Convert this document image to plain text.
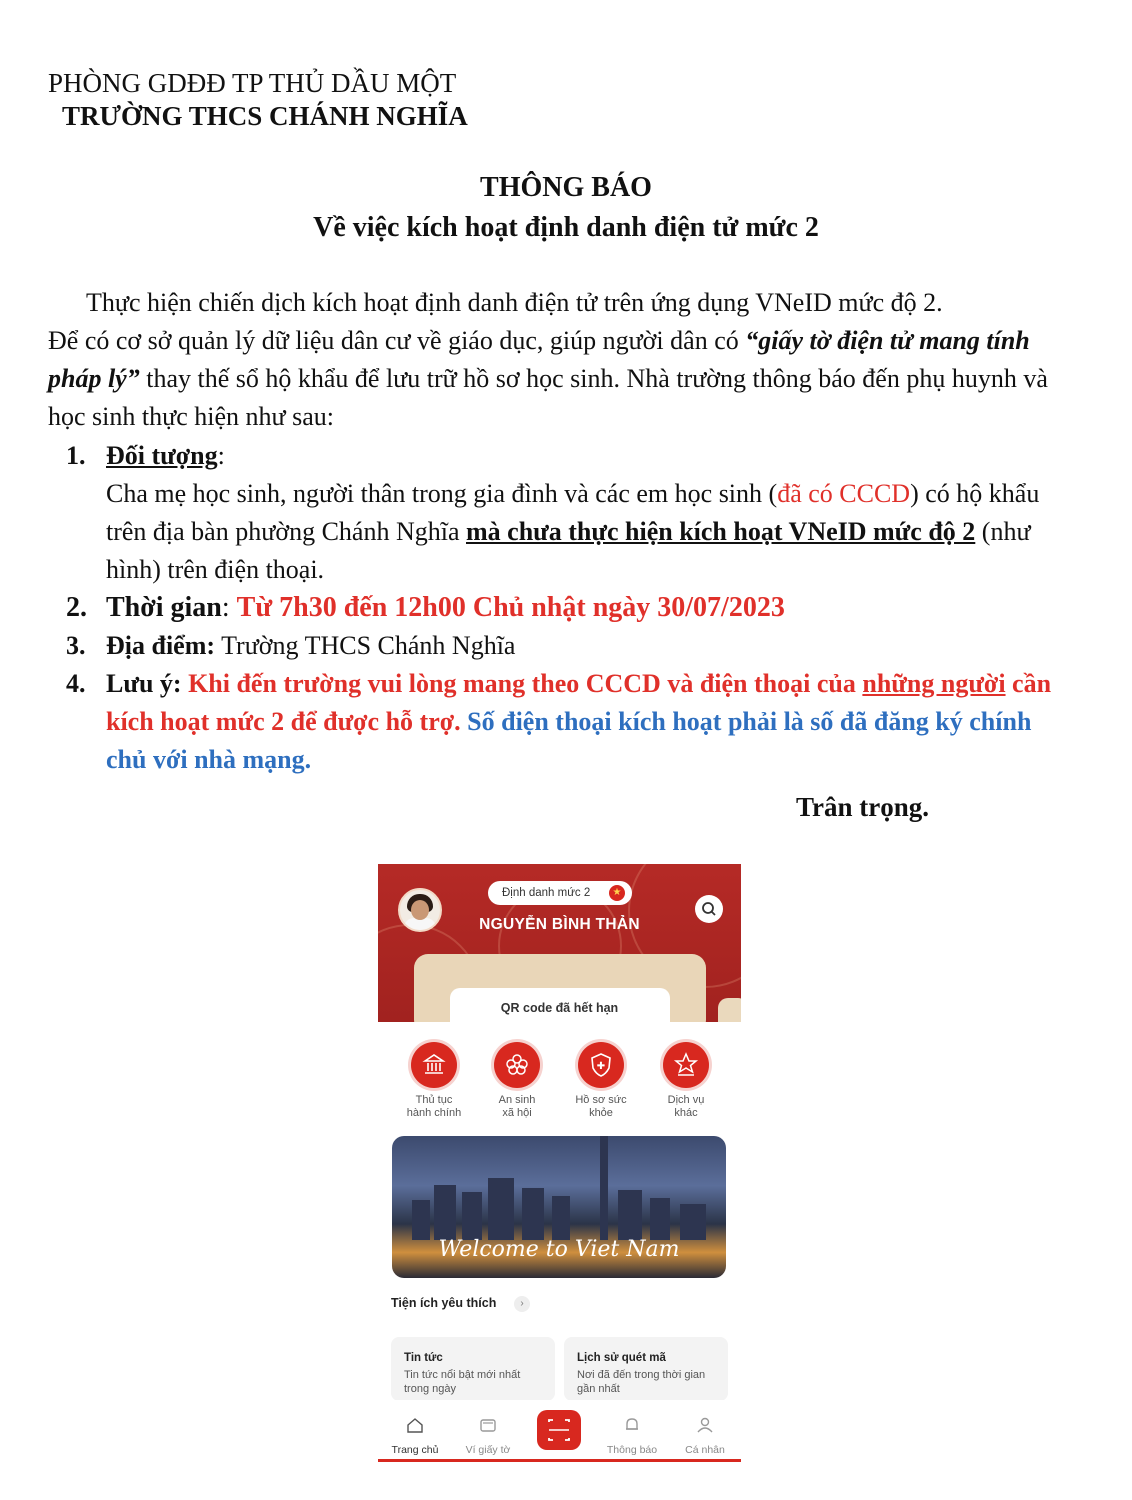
PHÒNG GDĐĐ TP THỦ DẦU MỘT
TRƯỜNG THCS CHÁNH NGHĨA
THÔNG BÁO
Về việc kích hoạt định danh điện tử mức 2

Thực hiện chiến dịch kích hoạt định danh điện tử trên ứng dụng VNeID mức độ 2.

Để có cơ sở quản lý dữ liệu dân cư về giáo dục, giúp người dân có “giấy tờ điện tử mang tính pháp lý” thay thế sổ hộ khẩu để lưu trữ hồ sơ học sinh. Nhà trường thông báo đến phụ huynh và học sinh thực hiện như sau:

1. Đối tượng:
Cha mẹ học sinh, người thân trong gia đình và các em học sinh (đã có CCCD) có hộ khẩu trên địa bàn phường Chánh Nghĩa mà chưa thực hiện kích hoạt VNeID mức độ 2 (như hình) trên điện thoại.
2. Thời gian: Từ 7h30 đến 12h00 Chủ nhật ngày 30/07/2023
3. Địa điểm: Trường THCS Chánh Nghĩa
4. Lưu ý: Khi đến trường vui lòng mang theo CCCD và điện thoại của những người cần kích hoạt mức 2 để được hỗ trợ. Số điện thoại kích hoạt phải là số đã đăng ký chính chủ với nhà mạng.
Trân trọng.
Định danh mức 2	★
NGUYỄN BÌNH THẢN
QR code đã hết hạn
Thủ tục
hành chính
An sinh
xã hội
✚
Hồ sơ sức
khỏe
Dịch vụ
khác
Welcome to Viet Nam
Tiện ích yêu thích	›
Tin tức
Tin tức nổi bật mới nhất trong ngày
Lịch sử quét mã
Nơi đã đến trong thời gian gần nhất
Trang chủ	Ví giấy tờ	Thông báo	Cá nhân
